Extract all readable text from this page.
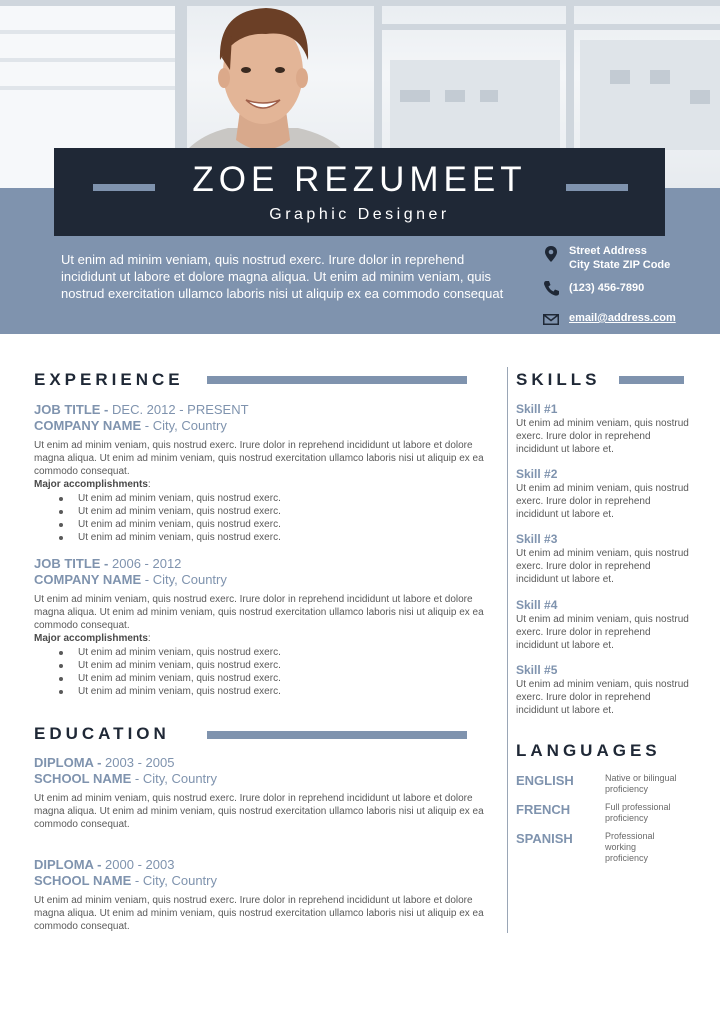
ZOE REZUMEET
Graphic Designer
Ut enim ad minim veniam, quis nostrud exerc. Irure dolor in reprehend incididunt ut labore et dolore magna aliqua. Ut enim ad minim veniam, quis nostrud exercitation ullamco laboris nisi ut aliquip ex ea commodo consequat
Street Address
City State ZIP Code
(123) 456-7890
email@address.com
EXPERIENCE
JOB TITLE - DEC. 2012 - PRESENT
COMPANY NAME - City, Country
Ut enim ad minim veniam, quis nostrud exerc. Irure dolor in reprehend incididunt ut labore et dolore magna aliqua. Ut enim ad minim veniam, quis nostrud exercitation ullamco laboris nisi ut aliquip ex ea commodo consequat.
Major accomplishments:
Ut enim ad minim veniam, quis nostrud exerc.
Ut enim ad minim veniam, quis nostrud exerc.
Ut enim ad minim veniam, quis nostrud exerc.
Ut enim ad minim veniam, quis nostrud exerc.
JOB TITLE - 2006 - 2012
COMPANY NAME - City, Country
Ut enim ad minim veniam, quis nostrud exerc. Irure dolor in reprehend incididunt ut labore et dolore magna aliqua. Ut enim ad minim veniam, quis nostrud exercitation ullamco laboris nisi ut aliquip ex ea commodo consequat.
Major accomplishments:
Ut enim ad minim veniam, quis nostrud exerc.
Ut enim ad minim veniam, quis nostrud exerc.
Ut enim ad minim veniam, quis nostrud exerc.
Ut enim ad minim veniam, quis nostrud exerc.
EDUCATION
DIPLOMA - 2003 - 2005
SCHOOL NAME - City, Country
Ut enim ad minim veniam, quis nostrud exerc. Irure dolor in reprehend incididunt ut labore et dolore magna aliqua. Ut enim ad minim veniam, quis nostrud exercitation ullamco laboris nisi ut aliquip ex ea commodo consequat.
DIPLOMA - 2000 - 2003
SCHOOL NAME - City, Country
Ut enim ad minim veniam, quis nostrud exerc. Irure dolor in reprehend incididunt ut labore et dolore magna aliqua. Ut enim ad minim veniam, quis nostrud exercitation ullamco laboris nisi ut aliquip ex ea commodo consequat.
SKILLS
Skill #1
Ut enim ad minim veniam, quis nostrud exerc. Irure dolor in reprehend incididunt ut labore et.
Skill #2
Ut enim ad minim veniam, quis nostrud exerc. Irure dolor in reprehend incididunt ut labore et.
Skill #3
Ut enim ad minim veniam, quis nostrud exerc. Irure dolor in reprehend incididunt ut labore et.
Skill #4
Ut enim ad minim veniam, quis nostrud exerc. Irure dolor in reprehend incididunt ut labore et.
Skill #5
Ut enim ad minim veniam, quis nostrud exerc. Irure dolor in reprehend incididunt ut labore et.
LANGUAGES
ENGLISH	Native or bilingual proficiency
FRENCH	Full professional proficiency
SPANISH	Professional working proficiency
